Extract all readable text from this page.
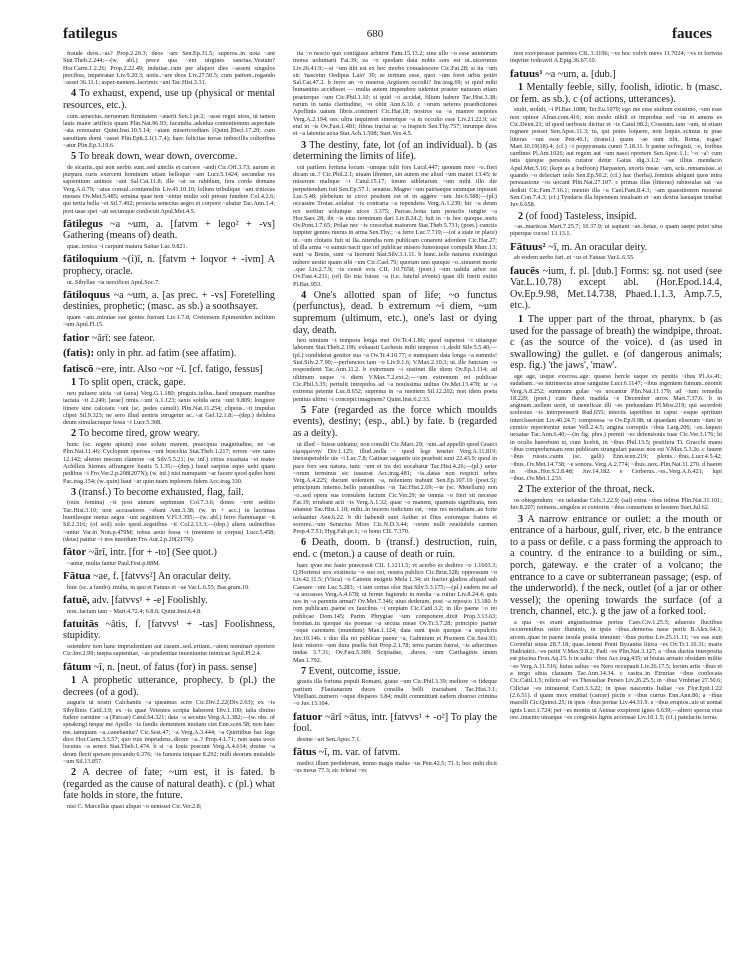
fatilegus	680	fauces

fraude deos..~as? Prop.2.20.3; deos ~are Sen.Ep.31.5; superos..in uota ~ant Stat.Theb.2.244;—(w. abl.) prece qua ~ent uirgines sanctas..Vestam? Hor.Carm.1.2.26; Prop.2.22.49; indutiae..cum per aliquot dies ~assent singulos precibus, impetratae Liv.9.20.3; uotis..~are deos Liv.27.50.5; cum patrem..rogando ~asset 36.11.1; asper-nantem..lacrimis ~ant Tac.Hist.3.31.

4 To exhaust, expend, use up (physical or mental resources, etc.).

cum..senectus..neruorum firmitatem ~auerit Sen.1.pr.2; ~asse regni uires, ut tamen lauis maior artificis quam Plin.Nat.96.93; facundia..adsidua contentionum asperitate ~ata renouatur Quint.Inst.10.5.14; ~atam misericordiam [Quint.]Decl.17.20; cum saeuitiam domi ~asset Plin.Epit.2.1(1.7.4); haec felicitas terrae imbecillis cultoribus ~atur Plin.Ep.3.19.6.

5 To break down, wear down, overcome.

de sicariis..qui non uerbis sunt..sed uinclis et carcere ~andi Cic.Off.3.73; aurum et purpura curis exercent hominum uitam belloque ~ant Lucr.5.1424; secundae res sapientium animos ~ant Sal.Cat.11.8; ille ~at os rabidum, fera corda domans Verg.A.6.79; ~atus consul..contumeliis Liv.41.10.10; lolium tribulique ~ant triticeas messes Ov.Met.5.485; semina quae non ~entur multo soli pressu fundere Col.4.2.6; qui tertia bella ~et Sil.7.492; proiecta senectus aegro et corpore ~abatur Tac.Ann.1.4; post usae spei ~ati secumque conlocuti Apul.Met.4.5.

fātilegus ~a ~um, a. [fatvm + lego² + -vs] Gathering (means of) death.

quae..toxica ~i carpunt matura Saitae Luc.9.821.

fātiloquium ~(i)ī, n. [fatvm + loqvor + -ivm] A prophecy, oracle.

ut..Sibyllae ~ia uersificet Apul.Soc.7.

fātiloquus ~a ~um, a. [as prec. + -vs] Foretelling destinies, prophetic; (masc. as sb.) a soothsayer.

quam ~am..miratae eae gentes fuerant Liv.1.7.8; Cretensem Epimeniden inclitum ~um Apul.Fl.15.

fatior ~ārī: see fateor.

(fatis): only in phr. ad fatim (see affatim).

fatiscō ~ere, intr. Also ~or ~ī. [cf. fatigo, fessus]

1 To split open, crack, gape.

neu puluere uicta ~at (area) Verg.G.1.180; pinguis..tellus..haud umquam manibus iactata ~it 2.249; [arae] rimis..~unt A.1.123; saxis solida aera ~unt 9.809; longiore itinere sine calceatu ~unt (sc. pedes cameli) Plin.Nat.11.254; clipeus..~it impulsu clipei Sil.9.323; ne sero illud uentris inrugetur ac..~at Gel.12.1.8;—(dep.) delubra deum simulacraque fessa ~i Lucr.5.308.

2 To become tired, grow weary.

hunc (sc. regem apium) esse solum marem, praecipua magnitudine, ne ~at Plin.Nat.11.46; Cyclopum operosa ~unt bracchia Stat.Theb.1.217; errore ~ere uano 12.142; alterno mecum clamore ~at Silv.5.5.21; (w. inf.) citius exsatiata ~et mater Achilleis hiemes affrangere bustis 5.1.35;—(dep.) haud saepius equo uehi quam pedibus ~i Fro.Ver.2.p.208(207N); (w. inf.) nisi numquam ~ar facere quod quibo boni Pac.trag.154; (w. quin) haut ~ar quin tuam inplorem fidem Acc.trag.330.

3 (transf.) To become exhausted, flag, fail.

(ouis femina) ~it post annum septimum Col.7.3.6; donec ~eret seditio Tac.Hist.3.10; non accusatores ~ebant Ann.3.38; (w. in + acc.) in lacrimas humilesque metus aegra ~unt segnitiem V.Fl.3.395;—(w. abl.) ferro flammaque ~it Sil.2.316; (of soil) solo quod..segetibus ~it Col.2.13.3;—(dep.) altera uulneribus ~untur Var.in Non.p.479M; rebus aeuo fessa ~i (mentem et corpus) Lucr.5.458; (deus) patitur ~i nos interdum Fro.Aur.2.p.20(217N).

fātor ~ārī, intr. [for + -to] (See quot.)

~antur, multa fantur Paul.Fest.p.88M.

Fātua ~ae, f. [fatvvs²] An oracular deity.

hinc (sc. a fando)..multa, in quo et Fatuus et ~ae Var.L.6.55; Bas.gram.10.

fatuē, adv. [fatvvs¹ + -e] Foolishly.

non..faciam tam ~ Mart.4.72.4; 6.8.6; Quint.Inst.6.4.8.

fatuitās ~ātis, f. [fatvvs¹ + -tas] Foolishness, stupidity.

ostendere non hanc imprudentiam aut casum..sed..ertiam..~atem nominari oportere Cic.Inv.2.99; inepta sapientiae, ~as prudentiae inueniuntur inimicae Apul.Pl.2.4.

fātum ~ī, n. [neut. of fatus (for) in pass. sense]

1 A prophetic utterance, prophecy. b (pl.) the decrees (of a god).

auguris ut nostri Calchantis ~a queamus scire Cic.Div.2.22(Div.2.63); ex ~is Sibyllinis Catil.3.9; ex ~is quae Veientes scripta haberent Div.1.100; talia diuino fudere carmine ~a (Parcae) Catul.64.321; data ~a secutus Verg.A.1.382;—(w. obs. of speaking) neque me Apollo ~is fandis dementem inuitam ciet Enn.scen.58; non haec me..tamquam ~a..canebantur? Cic.Sest.47; ~a Verg.A.3.444; ~a Quiritibus hac lege dico Hor.Carm.3.3.57; quo ruis imprudens..dicere ~a..? Prop.4.1.71; non uana uoce locutus ~a senex Stat.Theb.1.474. b si ~a Iouis poscunt Verg.A.4.614; desine ~a deum flecti sperare precando 6.376; ~is Iunonis iniquae 8.292; nulli deorum mutabile ~um Sil.13.857.

2 A decree of fate; ~um est, it is fated. b (regarded as the cause of natural death). c (pl.) what fate holds in store, the future.

nisi C. Marcellus quasi aliquo ~o uenisset Cic.Ver.2.8;

ita ~o nescio quo contigisse arbitror Fam.15.13.2; sine ullo ~o esse animorum motus uoluntarii Fat.39; ea ~o quodam data nobis sors est ut..uicerimus Liv.26.41.9;—si ~um tibi est ex hoc morbo conualescere Cic.Fat.28; si ita ~um sit: 'nascetur Oedipus Laio' 30; se tertium esse, quoi ~um foret urbis potiri Sal.Cat.47.2. b ferro an ~o moerus Argiuom occidit? Inc.trag.69; si quid mihi humanitus accidisset — multa autem impendere uidentur praeter naturam etiam praeterque ~um Cic.Phil.1.10; si quid ~o accidat, filium habere Tac.Hist.3.38; rarum in tanta claritudine, ~o obiit Ann.6.10. c ~orum ueteres praedictiones Apollinis uatum libris..contineri Cic.Har.18; nostros ea ~a manere nepotes Verg.A.2.194; nec ultra inquireret sineretque ~a in occulto esse Liv.21.22.9; sic erat in ~is Ov.Fast.1.481; fibras tractat ac ~a inspicit Sen.Thy.757; inrumpe deos et ~a latentia uexa Stat.Ach.1.508; Suet.Ves.4.5.

3 The destiny, fate, lot (of an individual). b (as determining the limits of life).

cui parilem fortuna locum ~umque tulit fors Lucil.447; quonam meo ~o..fieri dicam ut..? Cic.Phil.2.1; uiuam libenter, sin autem me aliud ~um manet 13.45; te miserum malique ~i Catul.15.17; totum athletarum ~um mihi illo die perpetiendum fuit Sen.Ep.57.1; senatus..Magno ~um patriaeque suumque inposuit Luc.5.48; plebeium in circo positum est et in aggere ~um Juv.6.588;—(pl.) occasum Troiae..solabar ~is contraria ~a rependens Verg.A.1.239; hic ~a deum rex sortitur uoluitque uices 3.375; Parcae..bona iam peractis iungite ~a Hor.Saec.28; ibi ~is eius terminum dari Liv.8.24.2; fuit in ~is hoc quoque..meis Ov.Pont.1.7.65; Prilae nec ~is crescebat maiorem Stat.Theb.5.731; (poet.) cunctis iuppiter gentes ruerus in arma Sen.Thy.; ~a ferre Luc.7.719;—(of a state or place) ut..~um chitatis fuit ut Ila..nitendia rem publicam conarent adordere Cic.Har.27; id illa arma ~o sumus nacti quo ref publicae misero funestoque compulit Marc.13; sunt ~a Brutis, sunt ~a Inorumi Stat.Silv.3.1.11. b hunc..telle naturus existingui nubere uestio quam sibi ~um Cic.Cael.79; quorum uno quoque ~o..sinueret morte ..que Liv.2.7.9; ~is cessit svis CIL 10.7658; (poet.) ~um ualida arbor est Ov.Fast.4.231; (of) Ilo tria fuisse ~a (i.e. fateful events) quae illi fuerit exitio Pl.Bac.953.

4 One's allotted span of life; ~o functus (perfunctus), dead. b extremum ~i diem, ~um supremum (ultimum, etc.), one's last or dying day, death.

heu nimium ~i tempora longa mei Ov.Tr.4.1.86; quod superest ~i uitaeque laborum Stat.Theb.2.196; exhausti Lachesis mihi tempora ~i..dedit Silv.5.5.40;—(pl.) condiderat genitor sua ~a Ov.Tr.4.10.77; o numquam data longa ~a summis! Stat.Silv.2.7.90;—perfunctos iam ~o Liv.9.1.6; V.Max.2.10.3; ut..ille functam ~o responderet Tac.Ann.11.2. b extremum ~i sustinet ille diem Ov.Ep.1.114; ad ultimum usque ~i diem V.Max.7.2.ext.2;—~um extremum rei publicae Cic.Phil.3.35; pertulit intrepidos ad ~a nouissima uultus Ov.Met.13.478; te ~a extrema petente Luc.8.652; suprema in ~a ruentem Sil.12.202; non idem poeta penitus ultimi ~i concepit imaginem? Quint.Inst.6.2.33.

5 Fate (regarded as the force which moulds events), destiny; (esp., abl.) by fate. b (regarded as a deity).

ut illud ~ fuisse uideatur, non consilii Cic.Marc.29; ~um..ad appellō quod Graeci εἱμαρμένην Div.1.125; illud..nulla ~ quod lege teneter Verg.A.11.819; inexsuperabile uis ~i Luc.7.8; Catinae uagantis uix praebuit sunt 22.43.9; quod in pace fors seu natura, tunc ~um et ira dei uocabatur Tac.Hist.4.26;—(pl.) ueter ~orum terminus sic iusserat Acc.trag.481; ~is..datas non respicit urbes Verg.A.4.225; ducunt uolentem ~a, nolentem trahunt Sen.Ep.107.10 (poet.5); principium interno..bello parantibus ~is Tac.Hist.2.69;—te (sc. Metellum) non ~o..sed opera sua consulem factum Cic.Ver.29; ne omnia ~o fieri sit necesse Fat.19; errabant acti ~is Verg.A.1.32; quae ~o manent, quamuis significata, non uitantur Tac.Hist.1.18; mihi..in incerto iudicium est, ~one res mortalium..an forte uoluantur Ann.6.22. b dii habendi sunt Aether et Dies eorumque fratres et sorores..~um Senectus Mors Cic.N.D.3.44; ~orum nulli reuolubile carmen Prop.4.7.51; Hyg.Fab.pr.1; ~o bono CIL 7.370.

6 Death, doom. b (transf.) destruction, ruin, end. c (meton.) a cause of death or ruin.

haec qvae me faato praecessit CIL 1.1211.5; vt acerbo es deditvs ~o 1.1603.3; Q.Hortensi uox exstincta ~o suo est, nostra publico Cic.Brut.328; oppressum ~o Liv.42.11.5; (Vtica) ~o Catonis insignis Mela 1.34; sit fracter gladios aliquid sub Caesare ~um Luc.5.283; ~i iam certus olor Stat.Silv.5.3.175;—(pl.) eadem me ad ~a uocasses Verg.A.4.678; ut ferme fugiendo in media ~a ruitur Liv.8.24.4; quis uos in ~a parentis armat? Ov.Met.7.346; uiuo dederam, post ~a reposco 13.180. b rem publicam..paene ex faucibus ~i ereptam Cic.Catil.3.2; in illo paene ~o rei publicae Dom.145; Parim Phrygiae ~um componere..dixit Prop.3.13.63; forsitan..tu quoque sis poenae ~a secuta meae Ov.Tr.3.7.28; principio pariter ~oque carentem (mundum) Man.1.124; data sunt ipsis quoque ~a sepulcris Juv.10.146. c duo illa rei publicae paene ~a, Gabinium et Pisonem Cic.Sest.93; huic misero ~um dura puella fuit Prop.2.1.78; terra parum fuerat, ~is adiecimus undas 3.7.31; Ov.Fast.5.389; Scipiadae, ..duces, ~um Carthaginis unum Man.1.792.

7 Event, outcome, issue.

grauis illa fortuna populi Romani, graue ~um Cic.Phil.3.39; meliore ~o fideque partium Flauianarum duces consilia belli tractabant Tac.Hist.3.1; Vitelliani..numero ~oque dispares 3.84; multi committunt eadem diuerso crimina ~o Juv.13.104.

fatuor ~ārī ~ātus, intr. [fatvvs¹ + -o²] To play the fool.

desine ~ari Sen.Apoc.7.1.

fātus ~ī, m. var. of fatvm.

medici illum perdiderunt, immo magis malus ~us Petr.42.5; 71.1; hoc mihi dicit ~us meus 77.3; sic tvlerat ~vs

non exsvperasse parentes CIL 3.3196; ~vs hoc volvit mevs 11.7024; ~vs et fortvna inqviter ivdicavit A.Epig.36.67.10.

fatuus¹ ~a ~um, a. [dub.]

1 Mentally feeble, silly, foolish, idiotic. b (masc. or fem. as sb.). c (of actions, utterances).

stulti, stolidi, ~i Pl.Bac.1088; Ter.Eu.1079; ego me esse stultum existimo, ~um esse non opinor Afran.com.416; non modo nihili et improbus sed ~us et amens es Cic.Deiot.21; id quod uerbosis dicitur et ~is Catul.98.2; Crassum..tam ~um, ut etiam regnare posset Sen.Apoc.11.3; tu, qui potes loquere, non loquis..scimus te prae litteras ~um esse Petr.46.1; (transf.) quam ~ae sunt tibi, Roma, togae! Mart.10.19(18).4; (cf.) ~i poppysmata cunni 7.18.11. b paene ecfregisti, ~e, foribus cardines Pl.Am.1026; aut regem aut ~um nasci oportere Sen.Apoc.1.1; '~o ~a': cum istis quoque personis curator detur Gaius dig.3.1.2; ~ae illius mendacio Apul.Met.5.16; (kept as a buffoon) Harpasten, uxoris meae ~am, scis..remansisse..si quando ~o delectari uolo Sen.Ep.50.2; (cf.) hac (herba)..feminis abigunt quos mira persuasione ~os uocant Plin.Nat.27.107. c primas illas (litteras) rabiosulas sat ~as dedisti Cic.Fam.7.16.1; mentio illa ~a Cael.Fam.8.4.3; ~am quaestionem mouerat Sen.Con.7.4.3; (cf.) Tyndaris illa bipennem insulsam et ~am dextra laeuaque tenebat Juv.6.658.

2 (of food) Tasteless, insipid.

~as..mariscas Mart.7.25.7; 10.37.9; ut sapiant ~ae..betae, o quam saepe petet uina piperque cocus! 13.13.1.

Fātuus² ~ī, m. An oracular deity.

ab eodem uerbo fari..et ~us et Fatuae Var.L.6.55.

faucēs ~ium, f. pl. [dub.] Forms: sg. not used (see Var.L.10.78) except abl. (Hor.Epod.14.4, Ov.Ep.9.98, Met.14.738, Phaed.1.1.3, Amp.7.5, etc.).

1 The upper part of the throat, pharynx. b (as used for the passage of breath) the windpipe, throat. c (as the source of the voice). d (as used in swallowing) the gullet. e (of dangerous animals; esp. fig.) 'the jaws', 'maw'.

age age, usque exscrea..age: quaeso hercle usque ex penitis ~ibus Pl.As.41; sudabant..~es intrinsecus atrae sanguine Lucr.6.1147; ~ibus ingentem fumum..euomit Verg.A.8.252; summum gulae ~es uocantur Plin.Nat.11.179; ad ~ium remedia 18.229; (poet.) cum fluret madida ~e December atrox Mart.7.37.6. b in anginam..uellem uorti, ut ueneficae illi ~es prehendam Pl.Mos.219; qui sacerdoti scelestus ~is interpresserit Rud.655; iniectis tapetibus in caput ~esque spiritum intercluserunt Liv.40.24.7; compressa ~e Ov.Ep.9.98; ut quaedam eliserum ~ium in ceruice reperirentur notae Vell.2.4.5; angina correptis ~ibus Larg.206; ~es..laqueo uexatae Tac.Ann.6.40;—(in fig. phrs.) premit ~es defensionis tuae Cic.Ver.3.176; hi in oculis haerebunt et, cum licebit, in ~ibus Phil.13.5; pestifera Ti. Gracchi manu ~ibus comprehensam rem publicam strangulari passus non est V.Max.5.3.2e. c fauent ~ibus russis..cantu (sc. galli) Enn.scen.219; plenis..~ibus..Lucr.4.5.42; ~ibus..Ov.Met.14.738; ~e sonora..Verg.A.2.774; ~ibus..uox..Plin.Nat.11.270. d haeret in ~ibus..Hor.S.2.8.48; Juv.14.182. e Cerberus..~es..Verg.A.6.421; lupi ~ibus..Ov.Met.1.233.

2 The exterior of the throat, neck.

os obtegendum: ~es uelandae Cels.3.22.9; (sal) extra ~ibus inlitus Plin.Nat.31.101; Juv.8.207; retinens..singulos et contortis ~ibus conuertens in hostem Suet.Jul.62.

3 A narrow entrance or outlet: a the mouth or entrance of a harbour, gulf, river, etc. b the entrance to a pass or defile. c a pass forming the approach to a country. d the entrance to a building or sim., porch, gateway. e the crater of a volcano; the entrance to a cave or subterranean passage; (esp. of the underworld). f the neck, outlet (of a jar or other vessel); the opening towards the surface (of a trench, channel, etc.). g the jaw of a forked tool.

a qua ~es erant angustissimae portus Caes.Civ.1.25.5; aduersis fluctibus occurrentibus ostio fluminis, in ipsis ~ibus..demersa naue periit B.Alex.64.3; arcem..quae in paene insula posita imminet ~ibus portus Liv.25.11.11; ~es eae sunt Corinthii sinus 28.7.18; quae..tenent Ponti Byzantia litora ~es Ov.Tr.1.10.31; maris Hadriatici..~es petiit V.Max.9.8.2; Padi ~es Plin.Nat.3.127; a ~ibus ductus interposita est piscina Fron.Aq.15. b in saltu ~ibus Acc.trag.435; ut biuias armato obsidam milite ~es Verg.A.11.516; huius saltus ~es Nero occupauit Liv.26.17.5; locum artis ~ibus et a tergo situa clausum Tac.Ann.14.34. c castra..in Etruriae ~ibus conlocata Cic.Catil.1.5; relicto ad ~es Thessaliae Perseo Liv.26.25.5; in ~ibus Vmbriae 27.50.6; Ciliciae ~es intrauerat Curt.3.3.22; in ipsas nascentis Italiae ~es Flor.Epit.1.22 (2.6.51). d quam mox emittat (carcer) pictis e ~ibus currus Enn.Ann.86; a ~ibus macelli Cic.Quinct.25; in ipsis ~ibus portae Liv.44.31.9. e ~ibus eruptos..uis ut uomat ignis Lucr.1.724; per ~es montis ut Aetnae exspirent ignes 6.639;—altero specus eius ore..inuento utraeque ~es congestis lignis accensae Liv.10.1.5; (cf.) patefactis terras
